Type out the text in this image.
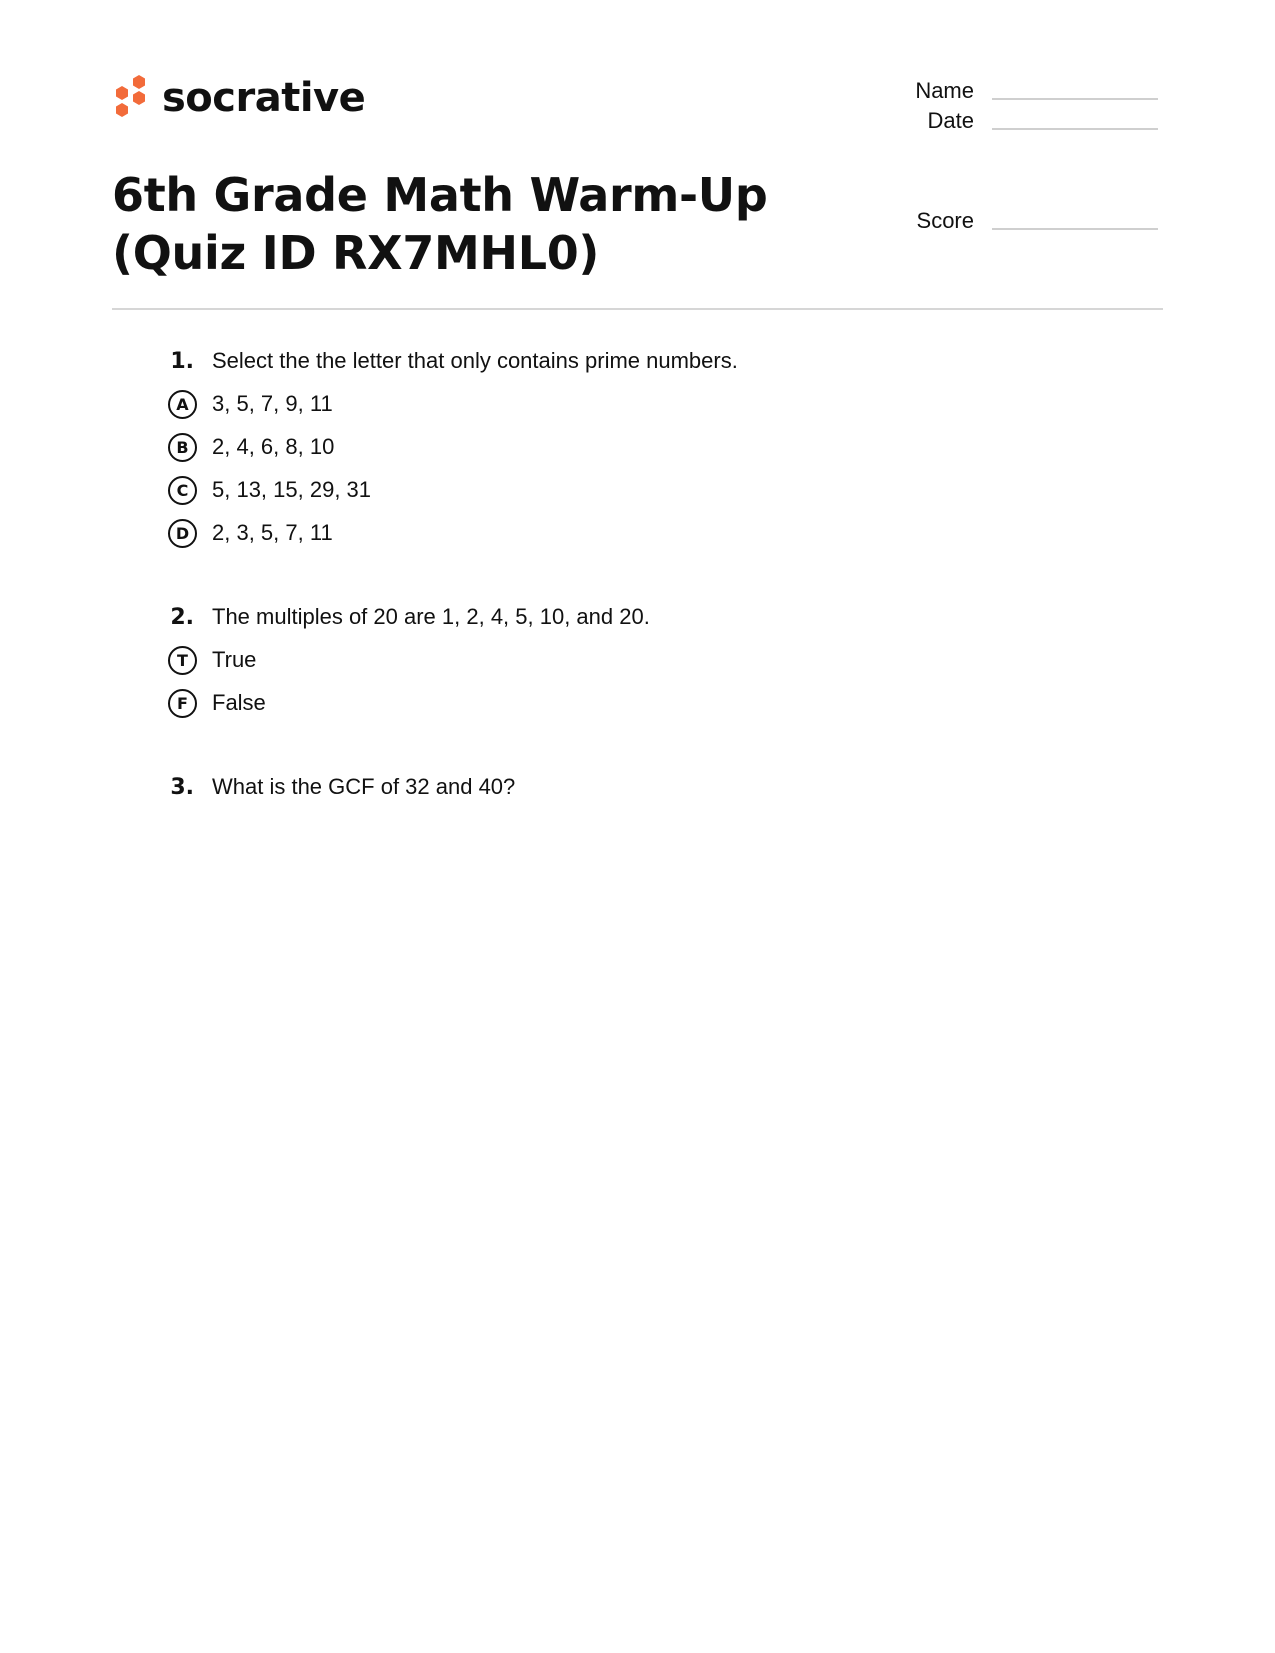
socrative	Name
Date
Score
6th Grade Math Warm-Up (Quiz ID RX7MHL0)
1. Select the the letter that only contains prime numbers.
A	3, 5, 7, 9, 11
B	2, 4, 6, 8, 10
C	5, 13, 15, 29, 31
D	2, 3, 5, 7, 11
2. The multiples of 20 are 1, 2, 4, 5, 10, and 20.
T	True
F	False
3. What is the GCF of 32 and 40?
